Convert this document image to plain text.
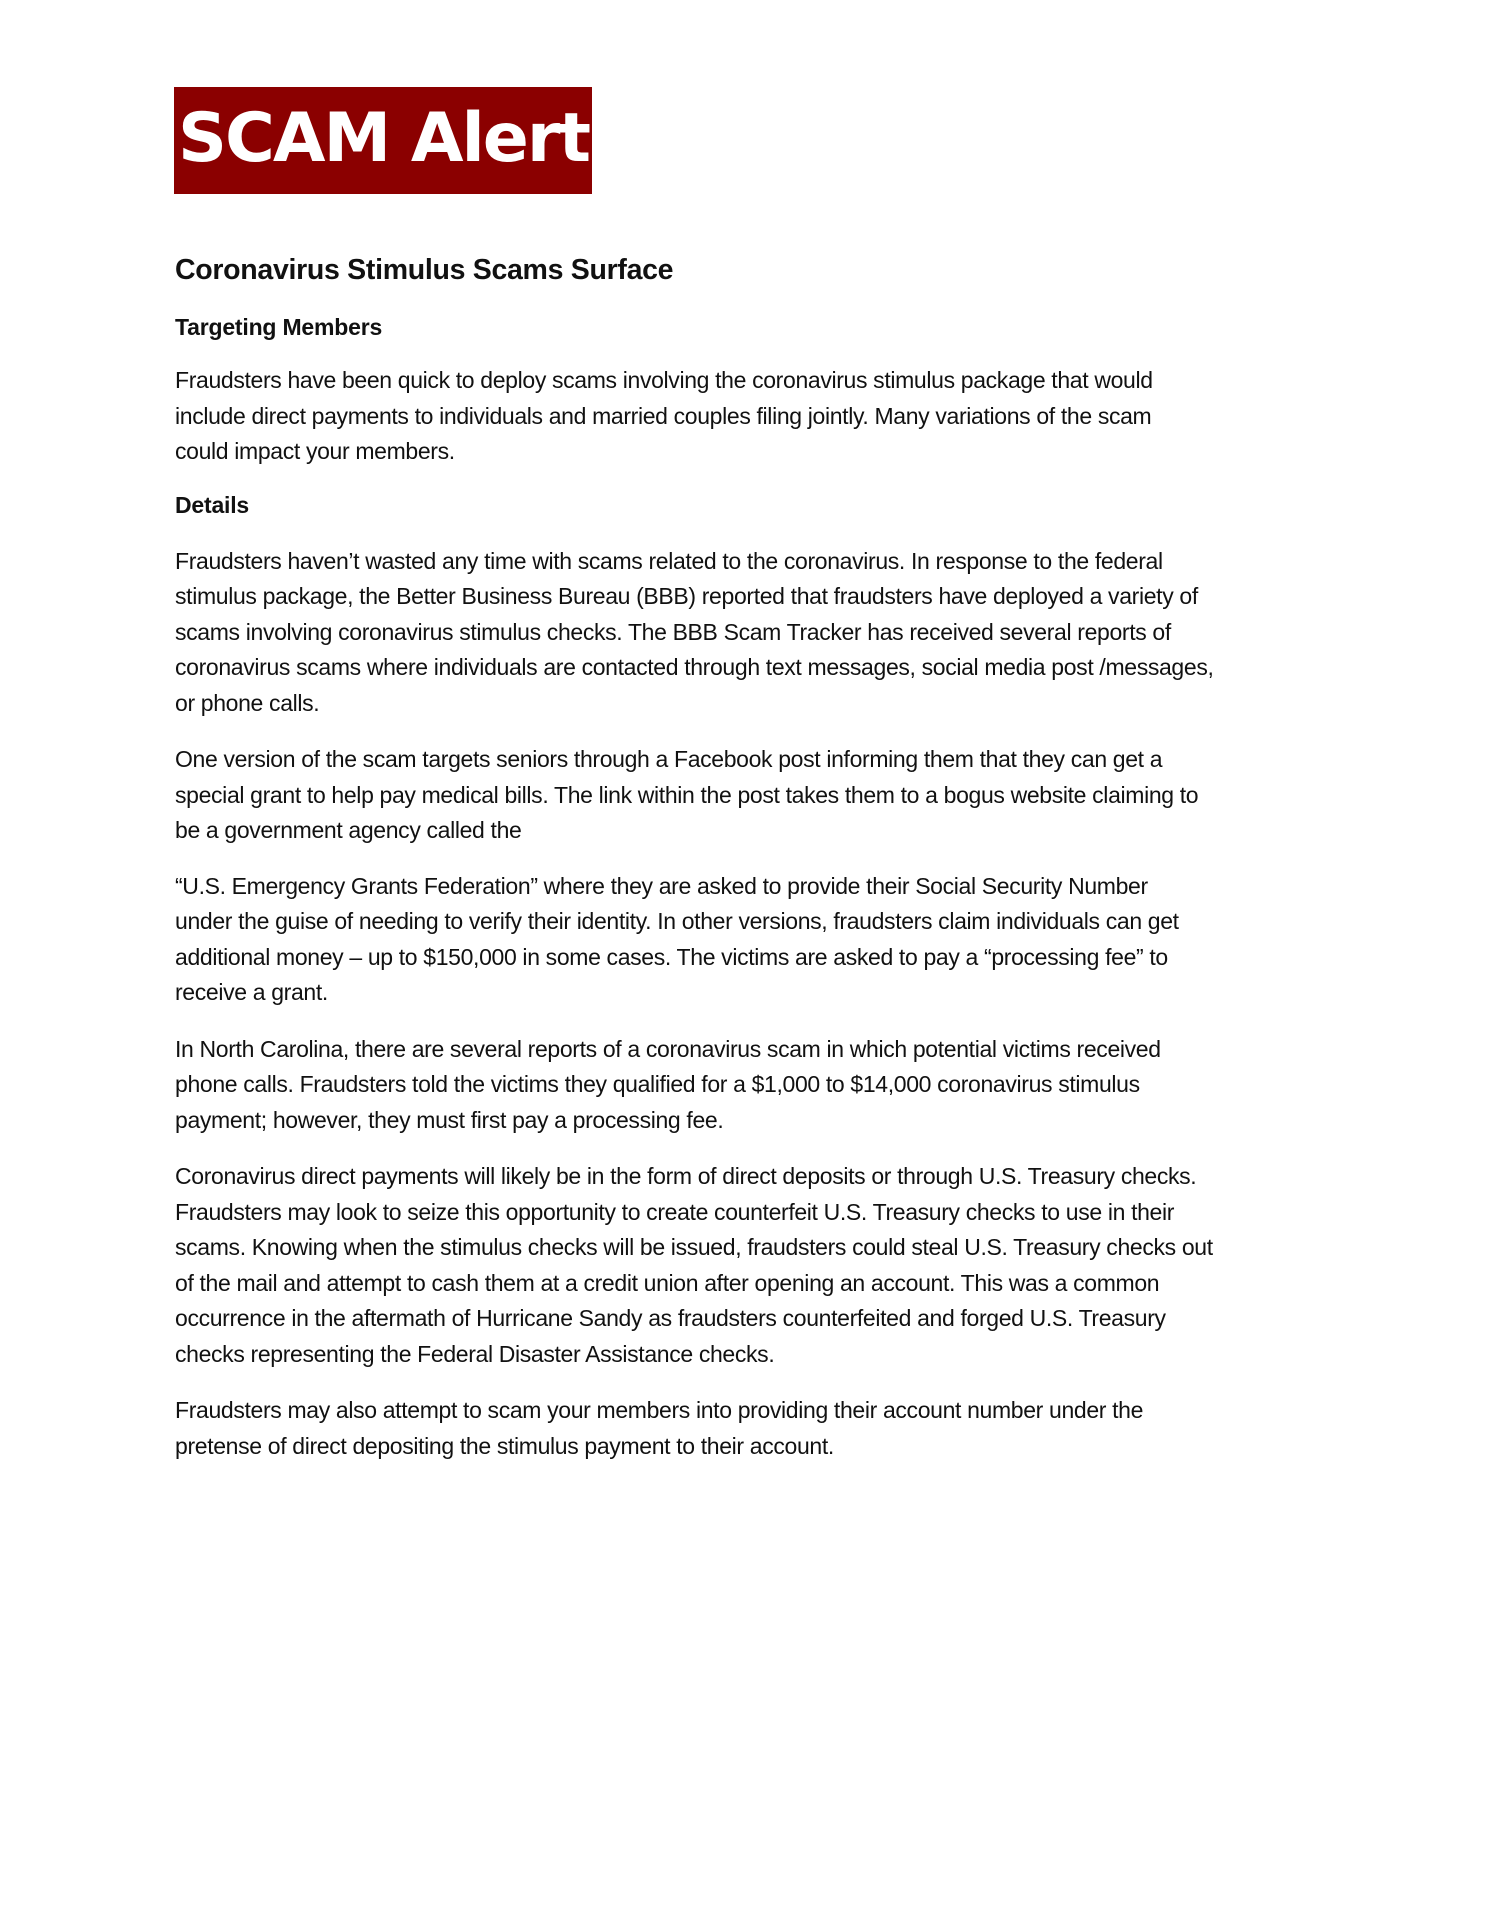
SCAM Alert
Coronavirus Stimulus Scams Surface
Targeting Members

Fraudsters have been quick to deploy scams involving the coronavirus stimulus package that would
include direct payments to individuals and married couples filing jointly. Many variations of the scam
could impact your members.

Details

Fraudsters haven’t wasted any time with scams related to the coronavirus. In response to the federal
stimulus package, the Better Business Bureau (BBB) reported that fraudsters have deployed a variety of
scams involving coronavirus stimulus checks. The BBB Scam Tracker has received several reports of
coronavirus scams where individuals are contacted through text messages, social media post /messages,
or phone calls.

One version of the scam targets seniors through a Facebook post informing them that they can get a
special grant to help pay medical bills. The link within the post takes them to a bogus website claiming to
be a government agency called the

“U.S. Emergency Grants Federation” where they are asked to provide their Social Security Number
under the guise of needing to verify their identity. In other versions, fraudsters claim individuals can get
additional money – up to $150,000 in some cases. The victims are asked to pay a “processing fee” to
receive a grant.

In North Carolina, there are several reports of a coronavirus scam in which potential victims received
phone calls. Fraudsters told the victims they qualified for a $1,000 to $14,000 coronavirus stimulus
payment; however, they must first pay a processing fee.

Coronavirus direct payments will likely be in the form of direct deposits or through U.S. Treasury checks.
Fraudsters may look to seize this opportunity to create counterfeit U.S. Treasury checks to use in their
scams. Knowing when the stimulus checks will be issued, fraudsters could steal U.S. Treasury checks out
of the mail and attempt to cash them at a credit union after opening an account. This was a common
occurrence in the aftermath of Hurricane Sandy as fraudsters counterfeited and forged U.S. Treasury
checks representing the Federal Disaster Assistance checks.

Fraudsters may also attempt to scam your members into providing their account number under the
pretense of direct depositing the stimulus payment to their account.
